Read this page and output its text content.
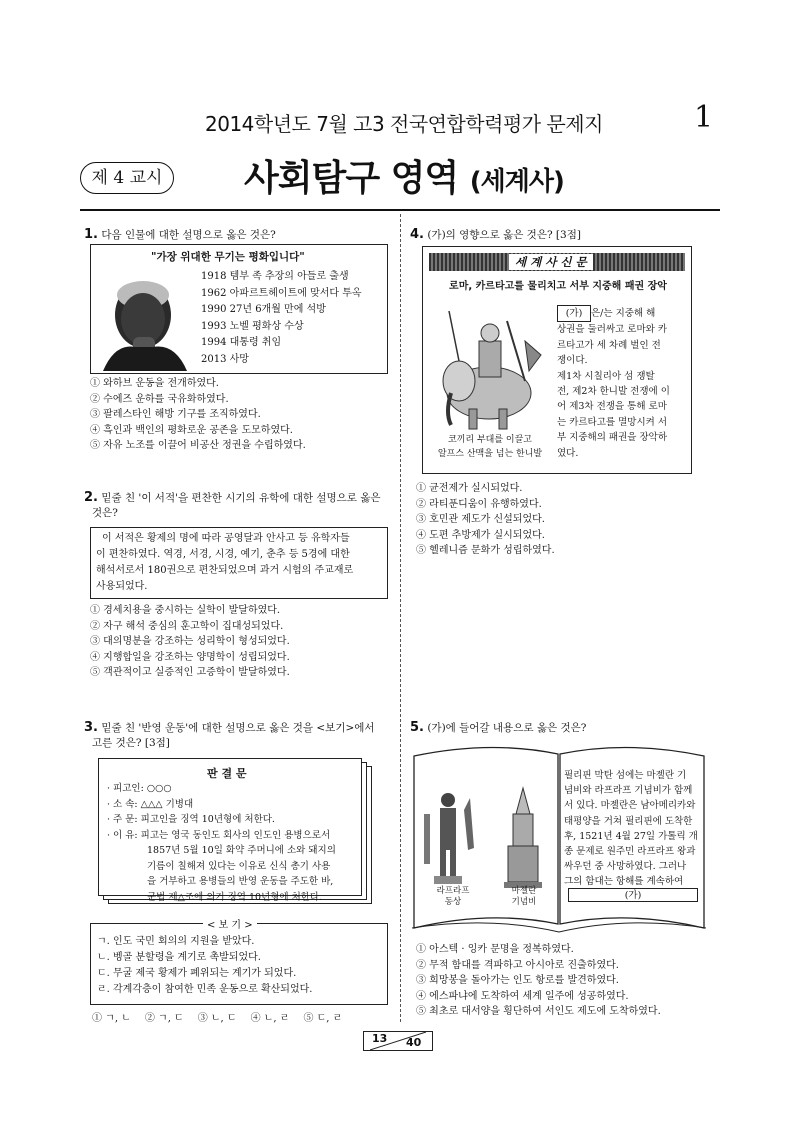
2014학년도 7월 고3 전국연합학력평가 문제지	1
제 4 교시	사회탐구 영역 (세계사)
1. 다음 인물에 대한 설명으로 옳은 것은?
"가장 위대한 무기는 평화입니다"
1918 템부 족 추장의 아들로 출생
1962 아파르트헤이트에 맞서다 투옥
1990 27년 6개월 만에 석방
1993 노벨 평화상 수상
1994 대통령 취임
2013 사망
① 와하브 운동을 전개하였다.
② 수에즈 운하를 국유화하였다.
③ 팔레스타인 해방 기구를 조직하였다.
④ 흑인과 백인의 평화로운 공존을 도모하였다.
⑤ 자유 노조를 이끌어 비공산 정권을 수립하였다.
2. 밑줄 친 '이 서적'을 편찬한 시기의 유학에 대한 설명으로 옳은
것은?
이 서적은 황제의 명에 따라 공영달과 안사고 등 유학자들
이 편찬하였다. 역경, 서경, 시경, 예기, 춘추 등 5경에 대한
해석서로서 180권으로 편찬되었으며 과거 시험의 주교재로
사용되었다.
① 경세치용을 중시하는 실학이 발달하였다.
② 자구 해석 중심의 훈고학이 집대성되었다.
③ 대의명분을 강조하는 성리학이 형성되었다.
④ 지행합일을 강조하는 양명학이 성립되었다.
⑤ 객관적이고 실증적인 고증학이 발달하였다.
3. 밑줄 친 '반영 운동'에 대한 설명으로 옳은 것을 <보기>에서
고른 것은? [3점]
판 결 문
· 피고인: ○○○
· 소 속: △△△ 기병대
· 주 문: 피고인을 징역 10년형에 처한다.
· 이 유: 피고는 영국 동인도 회사의 인도인 용병으로서
1857년 5월 10일 화약 주머니에 소와 돼지의
기름이 칠해져 있다는 이유로 신식 총기 사용
을 거부하고 용병들의 반영 운동을 주도한 바,
군법 제△조에 의거 징역 10년형에 처한다.
< 보 기 >
ㄱ. 인도 국민 회의의 지원을 받았다.
ㄴ. 벵골 분할령을 계기로 촉발되었다.
ㄷ. 무굴 제국 황제가 폐위되는 계기가 되었다.
ㄹ. 각계각층이 참여한 민족 운동으로 확산되었다.
① ㄱ, ㄴ ② ㄱ, ㄷ ③ ㄴ, ㄷ ④ ㄴ, ㄹ ⑤ ㄷ, ㄹ
4. (가)의 영향으로 옳은 것은? [3점]
세 계 사 신 문
로마, 카르타고를 물리치고 서부 지중해 패권 장악
코끼리 부대를 이끌고
알프스 산맥을 넘는 한니발
(가) 은/는 지중해 해
상권을 둘러싸고 로마와 카
르타고가 세 차례 벌인 전
쟁이다.
제1차 시칠리아 섬 쟁탈
전, 제2차 한니발 전쟁에 이
어 제3차 전쟁을 통해 로마
는 카르타고를 멸망시켜 서
부 지중해의 패권을 장악하
였다.
① 균전제가 실시되었다.
② 라티푼디움이 유행하였다.
③ 호민관 제도가 신설되었다.
④ 도편 추방제가 실시되었다.
⑤ 헬레니즘 문화가 성립하였다.
5. (가)에 들어갈 내용으로 옳은 것은?
라프라프
동상
마젤란
기념비
필리핀 막탄 섬에는 마젤란 기
념비와 라프라프 기념비가 함께
서 있다. 마젤란은 남아메리카와
태평양을 거쳐 필리핀에 도착한
후, 1521년 4월 27일 가톨릭 개
종 문제로 원주민 라프라프 왕과
싸우던 중 사망하였다. 그러나
그의 함대는 항해를 계속하여
(가)
① 아스텍 · 잉카 문명을 정복하였다.
② 무적 함대를 격파하고 아시아로 진출하였다.
③ 희망봉을 돌아가는 인도 항로를 발견하였다.
④ 에스파냐에 도착하여 세계 일주에 성공하였다.
⑤ 최초로 대서양을 횡단하여 서인도 제도에 도착하였다.
13 40
